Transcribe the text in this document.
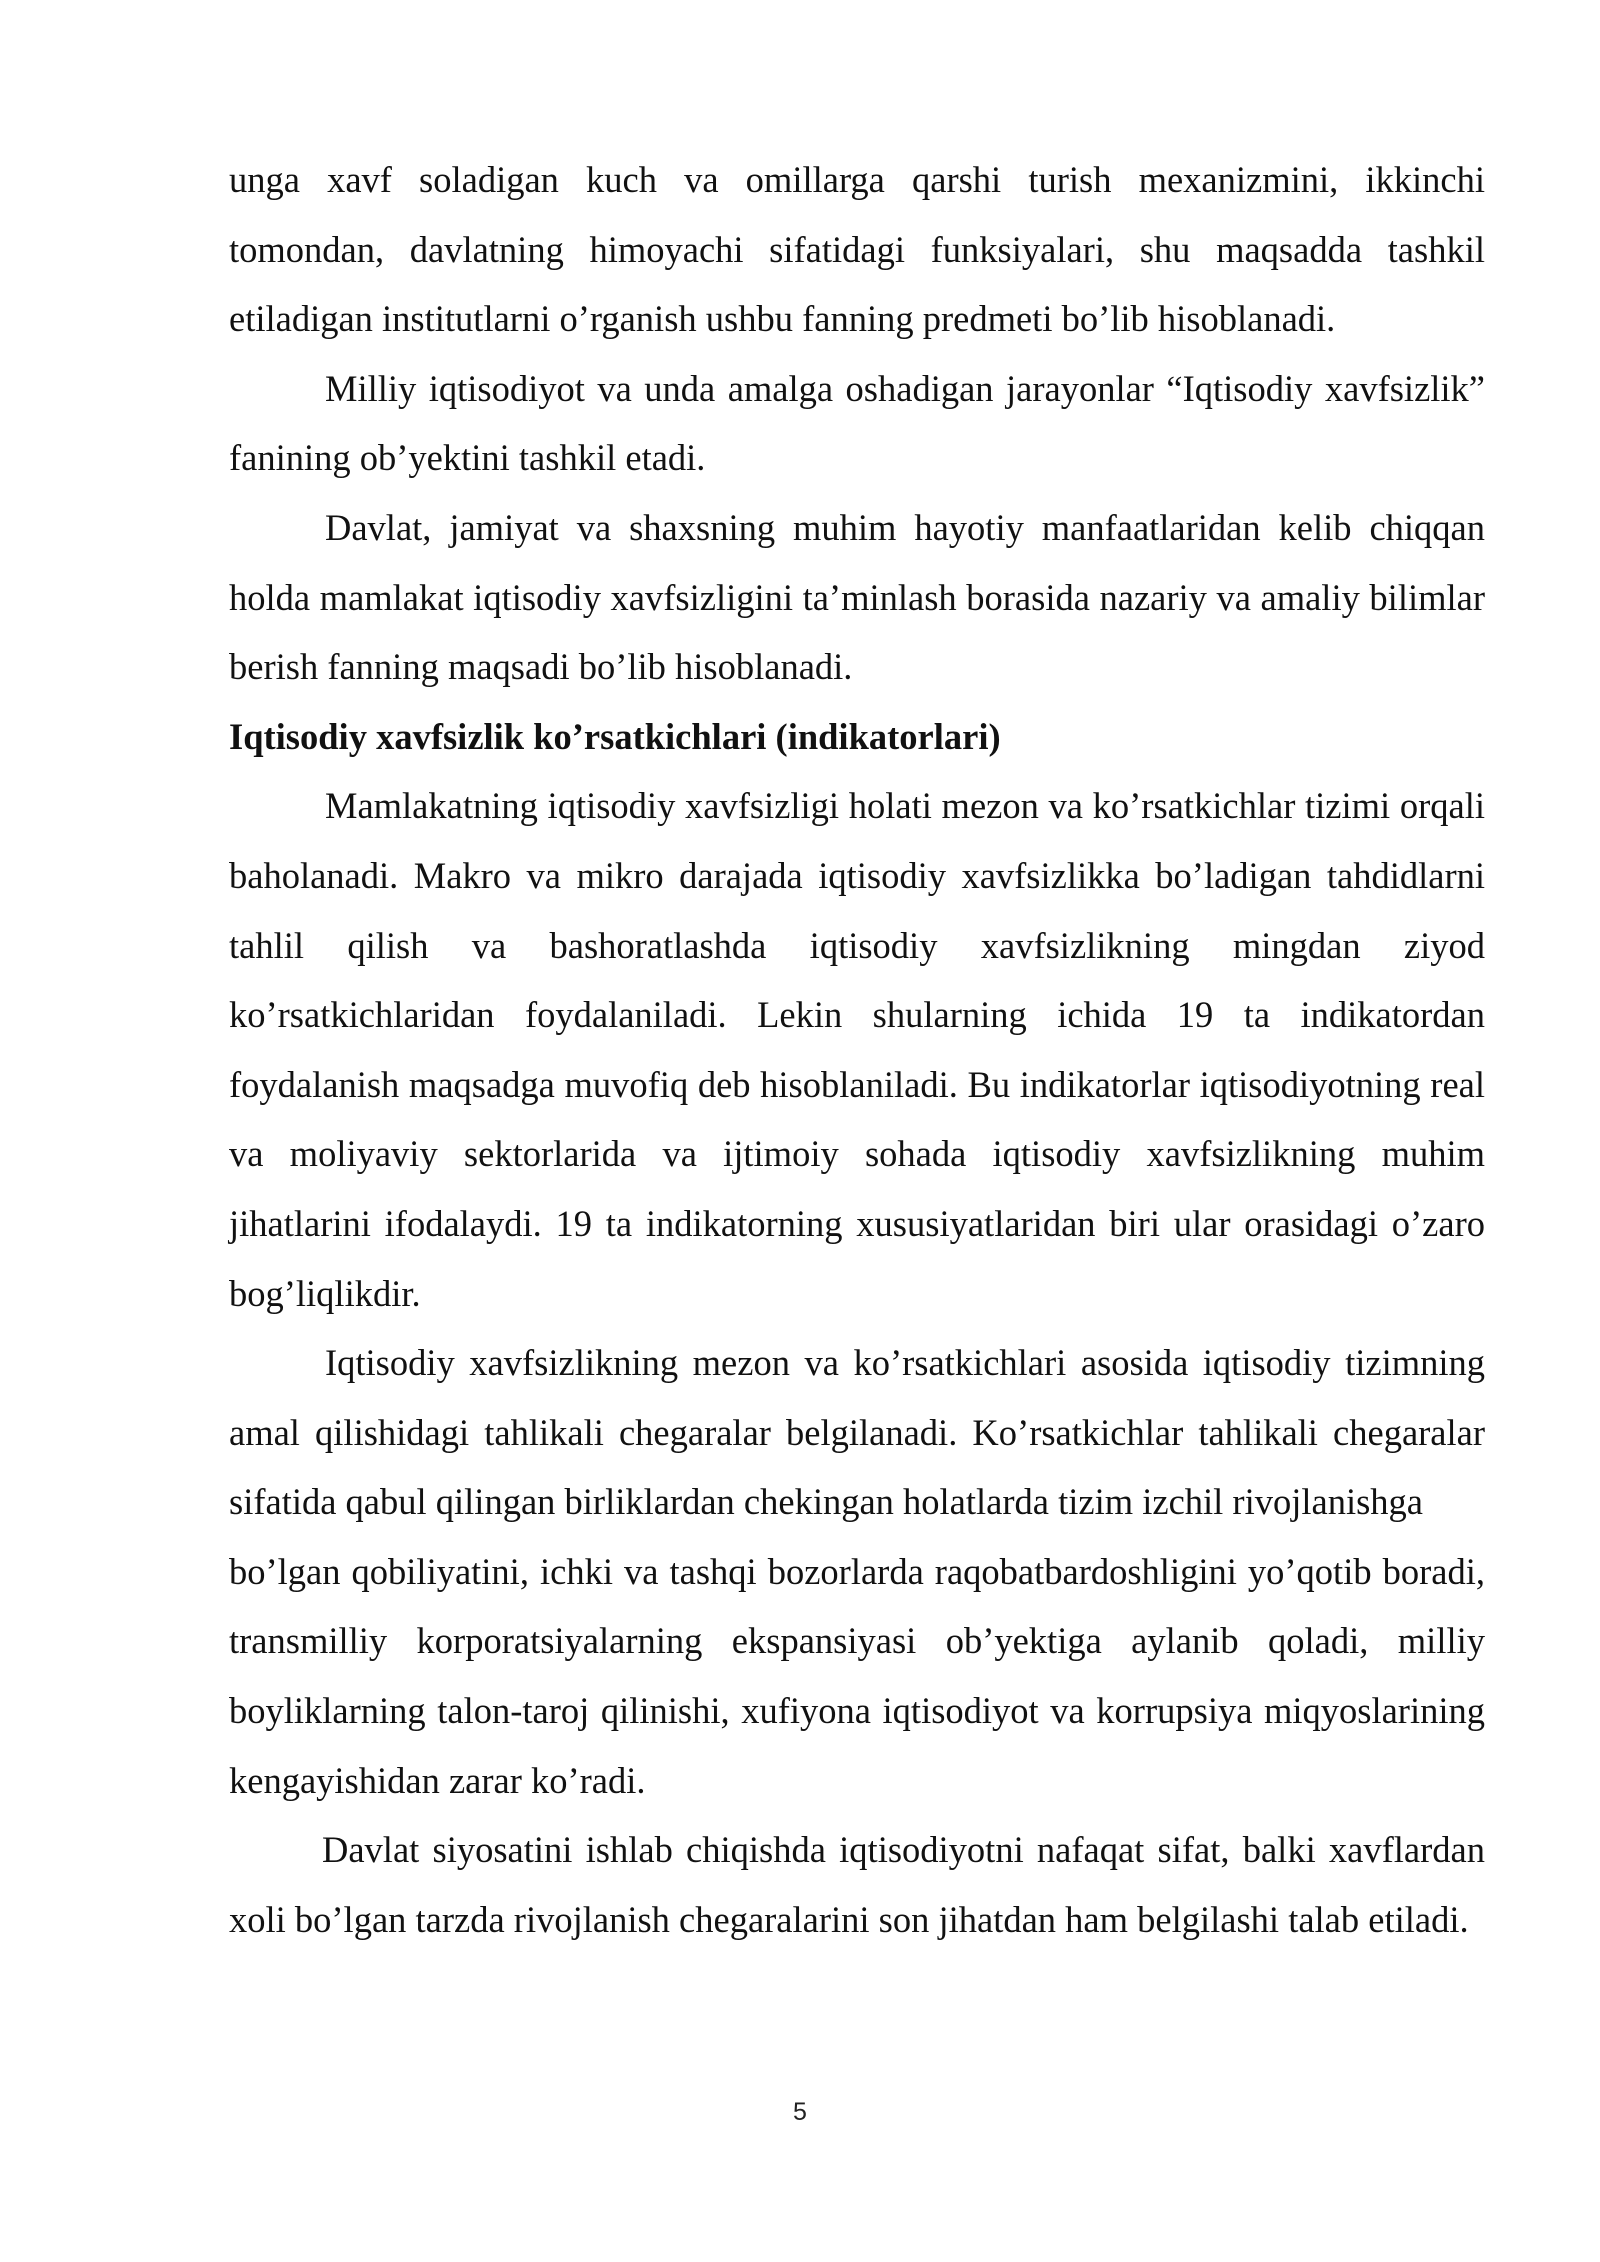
unga xavf soladigan kuch va omillarga qarshi turish mexanizmini, ikkinchi tomondan, davlatning himoyachi sifatidagi funksiyalari, shu maqsadda tashkil etiladigan institutlarni o’rganish ushbu fanning predmeti bo’lib hisoblanadi.

Milliy iqtisodiyot va unda amalga oshadigan jarayonlar “Iqtisodiy xavfsizlik” fanining ob’yektini tashkil etadi.

Davlat, jamiyat va shaxsning muhim hayotiy manfaatlaridan kelib chiqqan holda mamlakat iqtisodiy xavfsizligini ta’minlash borasida nazariy va amaliy bilimlar berish fanning maqsadi bo’lib hisoblanadi.

Iqtisodiy xavfsizlik ko’rsatkichlari (indikatorlari)

Mamlakatning iqtisodiy xavfsizligi holati mezon va ko’rsatkichlar tizimi orqali baholanadi. Makro va mikro darajada iqtisodiy xavfsizlikka bo’ladigan tahdidlarni tahlil qilish va bashoratlashda iqtisodiy xavfsizlikning mingdan ziyod ko’rsatkichlaridan foydalaniladi. Lekin shularning ichida 19 ta indikatordan foydalanish maqsadga muvofiq deb hisoblaniladi. Bu indikatorlar iqtisodiyotning real va moliyaviy sektorlarida va ijtimoiy sohada iqtisodiy xavfsizlikning muhim jihatlarini ifodalaydi. 19 ta indikatorning xususiyatlaridan biri ular orasidagi o’zaro bog’liqlikdir.

Iqtisodiy xavfsizlikning mezon va ko’rsatkichlari asosida iqtisodiy tizimning amal qilishidagi tahlikali chegaralar belgilanadi. Ko’rsatkichlar tahlikali chegaralar sifatida qabul qilingan birliklardan chekingan holatlarda tizim izchil rivojlanishga

bo’lgan qobiliyatini, ichki va tashqi bozorlarda raqobatbardoshligini yo’qotib boradi, transmilliy korporatsiyalarning ekspansiyasi ob’yektiga aylanib qoladi, milliy boyliklarning talon-taroj qilinishi, xufiyona iqtisodiyot va korrupsiya miqyoslarining kengayishidan zarar ko’radi.

Davlat siyosatini ishlab chiqishda iqtisodiyotni nafaqat sifat, balki xavflardan xoli bo’lgan tarzda rivojlanish chegaralarini son jihatdan ham belgilashi talab etiladi.

5
